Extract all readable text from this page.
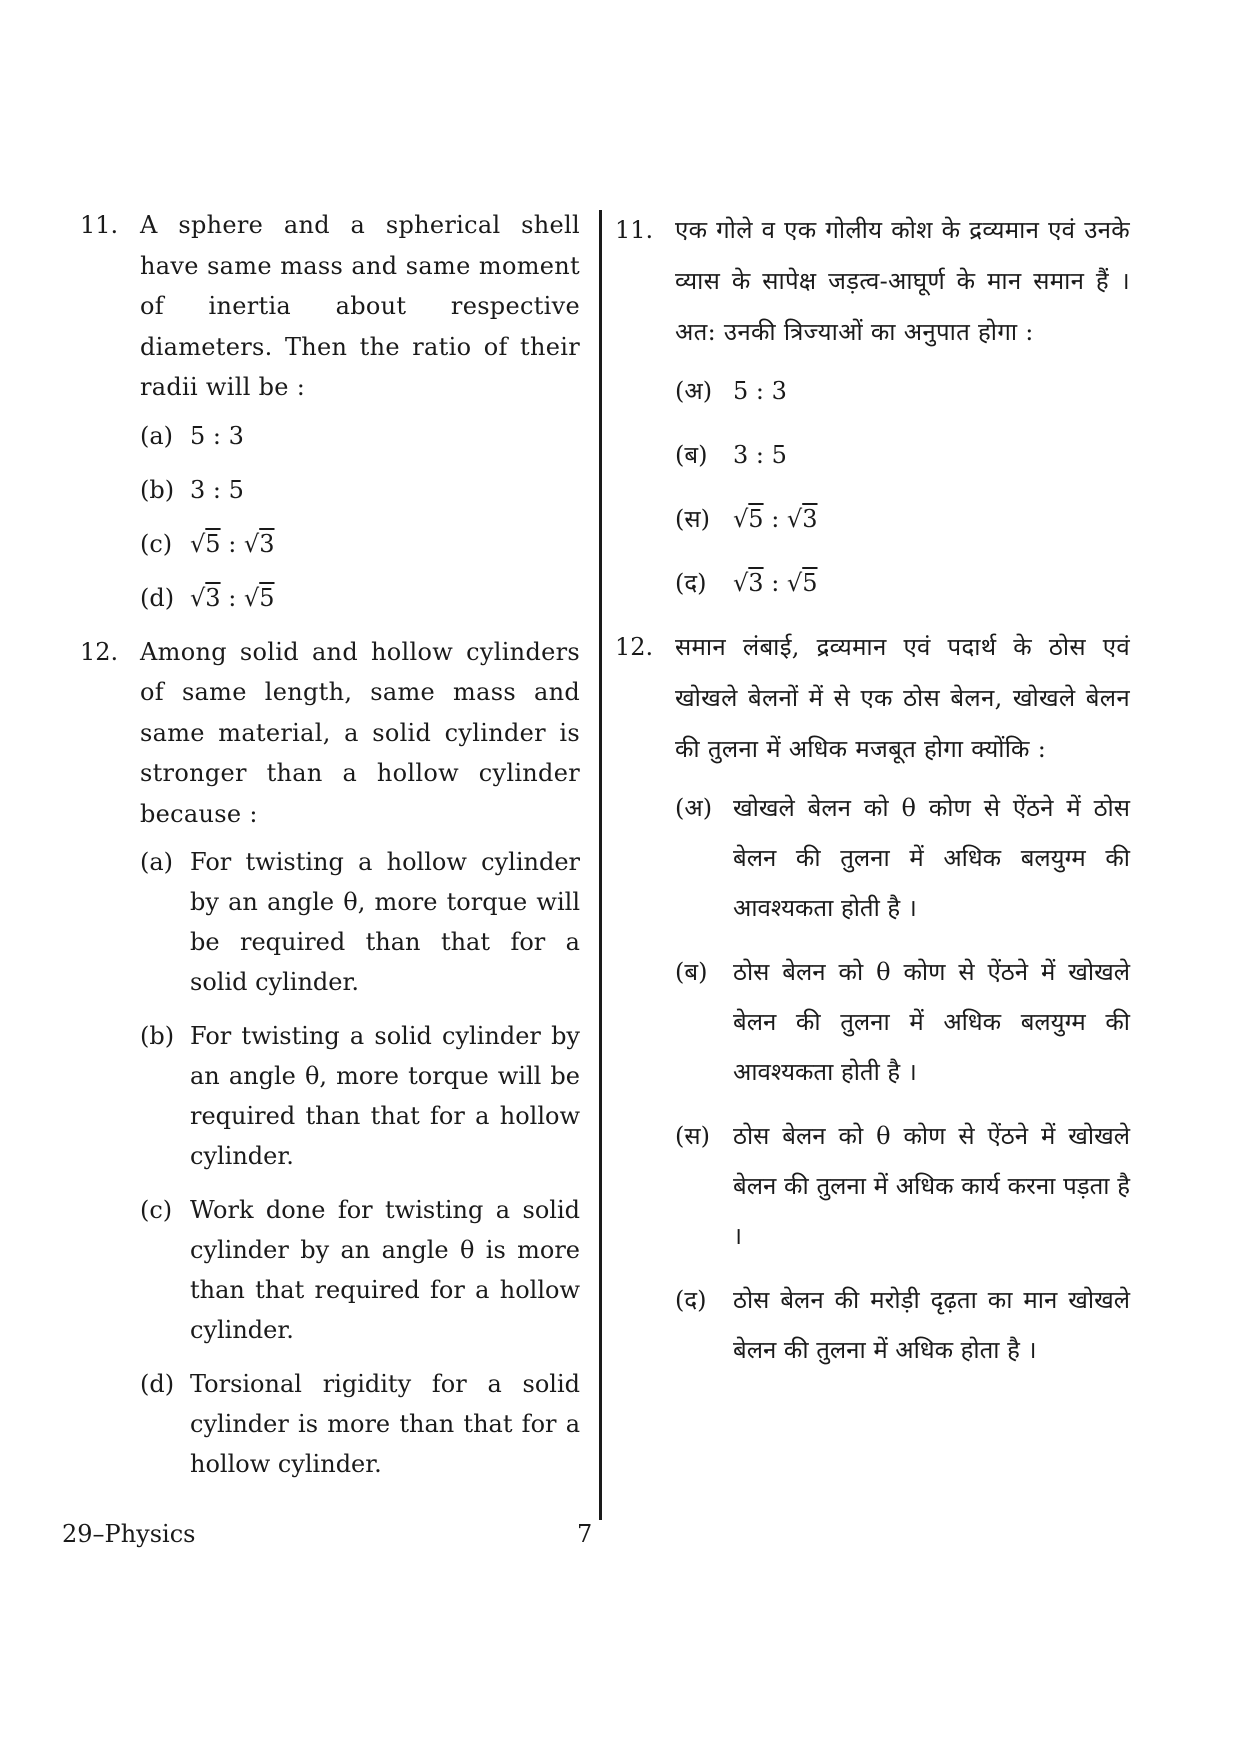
11. A sphere and a spherical shell have same mass and same moment of inertia about respective diameters. Then the ratio of their radii will be :

(a) 5 : 3
(b) 3 : 5
(c) √5 : √3
(d) √3 : √5
12. Among solid and hollow cylinders of same length, same mass and same material, a solid cylinder is stronger than a hollow cylinder because :

(a) For twisting a hollow cylinder by an angle θ, more torque will be required than that for a solid cylinder.
(b) For twisting a solid cylinder by an angle θ, more torque will be required than that for a hollow cylinder.
(c) Work done for twisting a solid cylinder by an angle θ is more than that required for a hollow cylinder.
(d) Torsional rigidity for a solid cylinder is more than that for a hollow cylinder.
11. एक गोले व एक गोलीय कोश के द्रव्यमान एवं उनके व्यास के सापेक्ष जड़त्व-आघूर्ण के मान समान हैं । अत: उनकी त्रिज्याओं का अनुपात होगा :

(अ) 5 : 3
(ब)	3 : 5
(स) √5 : √3
(द)	√3 : √5
12. समान लंबाई, द्रव्यमान एवं पदार्थ के ठोस एवं खोखले बेलनों में से एक ठोस बेलन, खोखले बेलन की तुलना में अधिक मजबूत होगा क्योंकि :

(अ) खोखले बेलन को θ कोण से ऐंठने में ठोस बेलन की तुलना में अधिक बलयुग्म की आवश्यकता होती है ।
(ब)	ठोस बेलन को θ कोण से ऐंठने में खोखले बेलन की तुलना में अधिक बलयुग्म की आवश्यकता होती है ।
(स) ठोस बेलन को θ कोण से ऐंठने में खोखले बेलन की तुलना में अधिक कार्य करना पड़ता है ।
(द)	ठोस बेलन की मरोड़ी दृढ़ता का मान खोखले बेलन की तुलना में अधिक होता है ।
29–Physics	7
